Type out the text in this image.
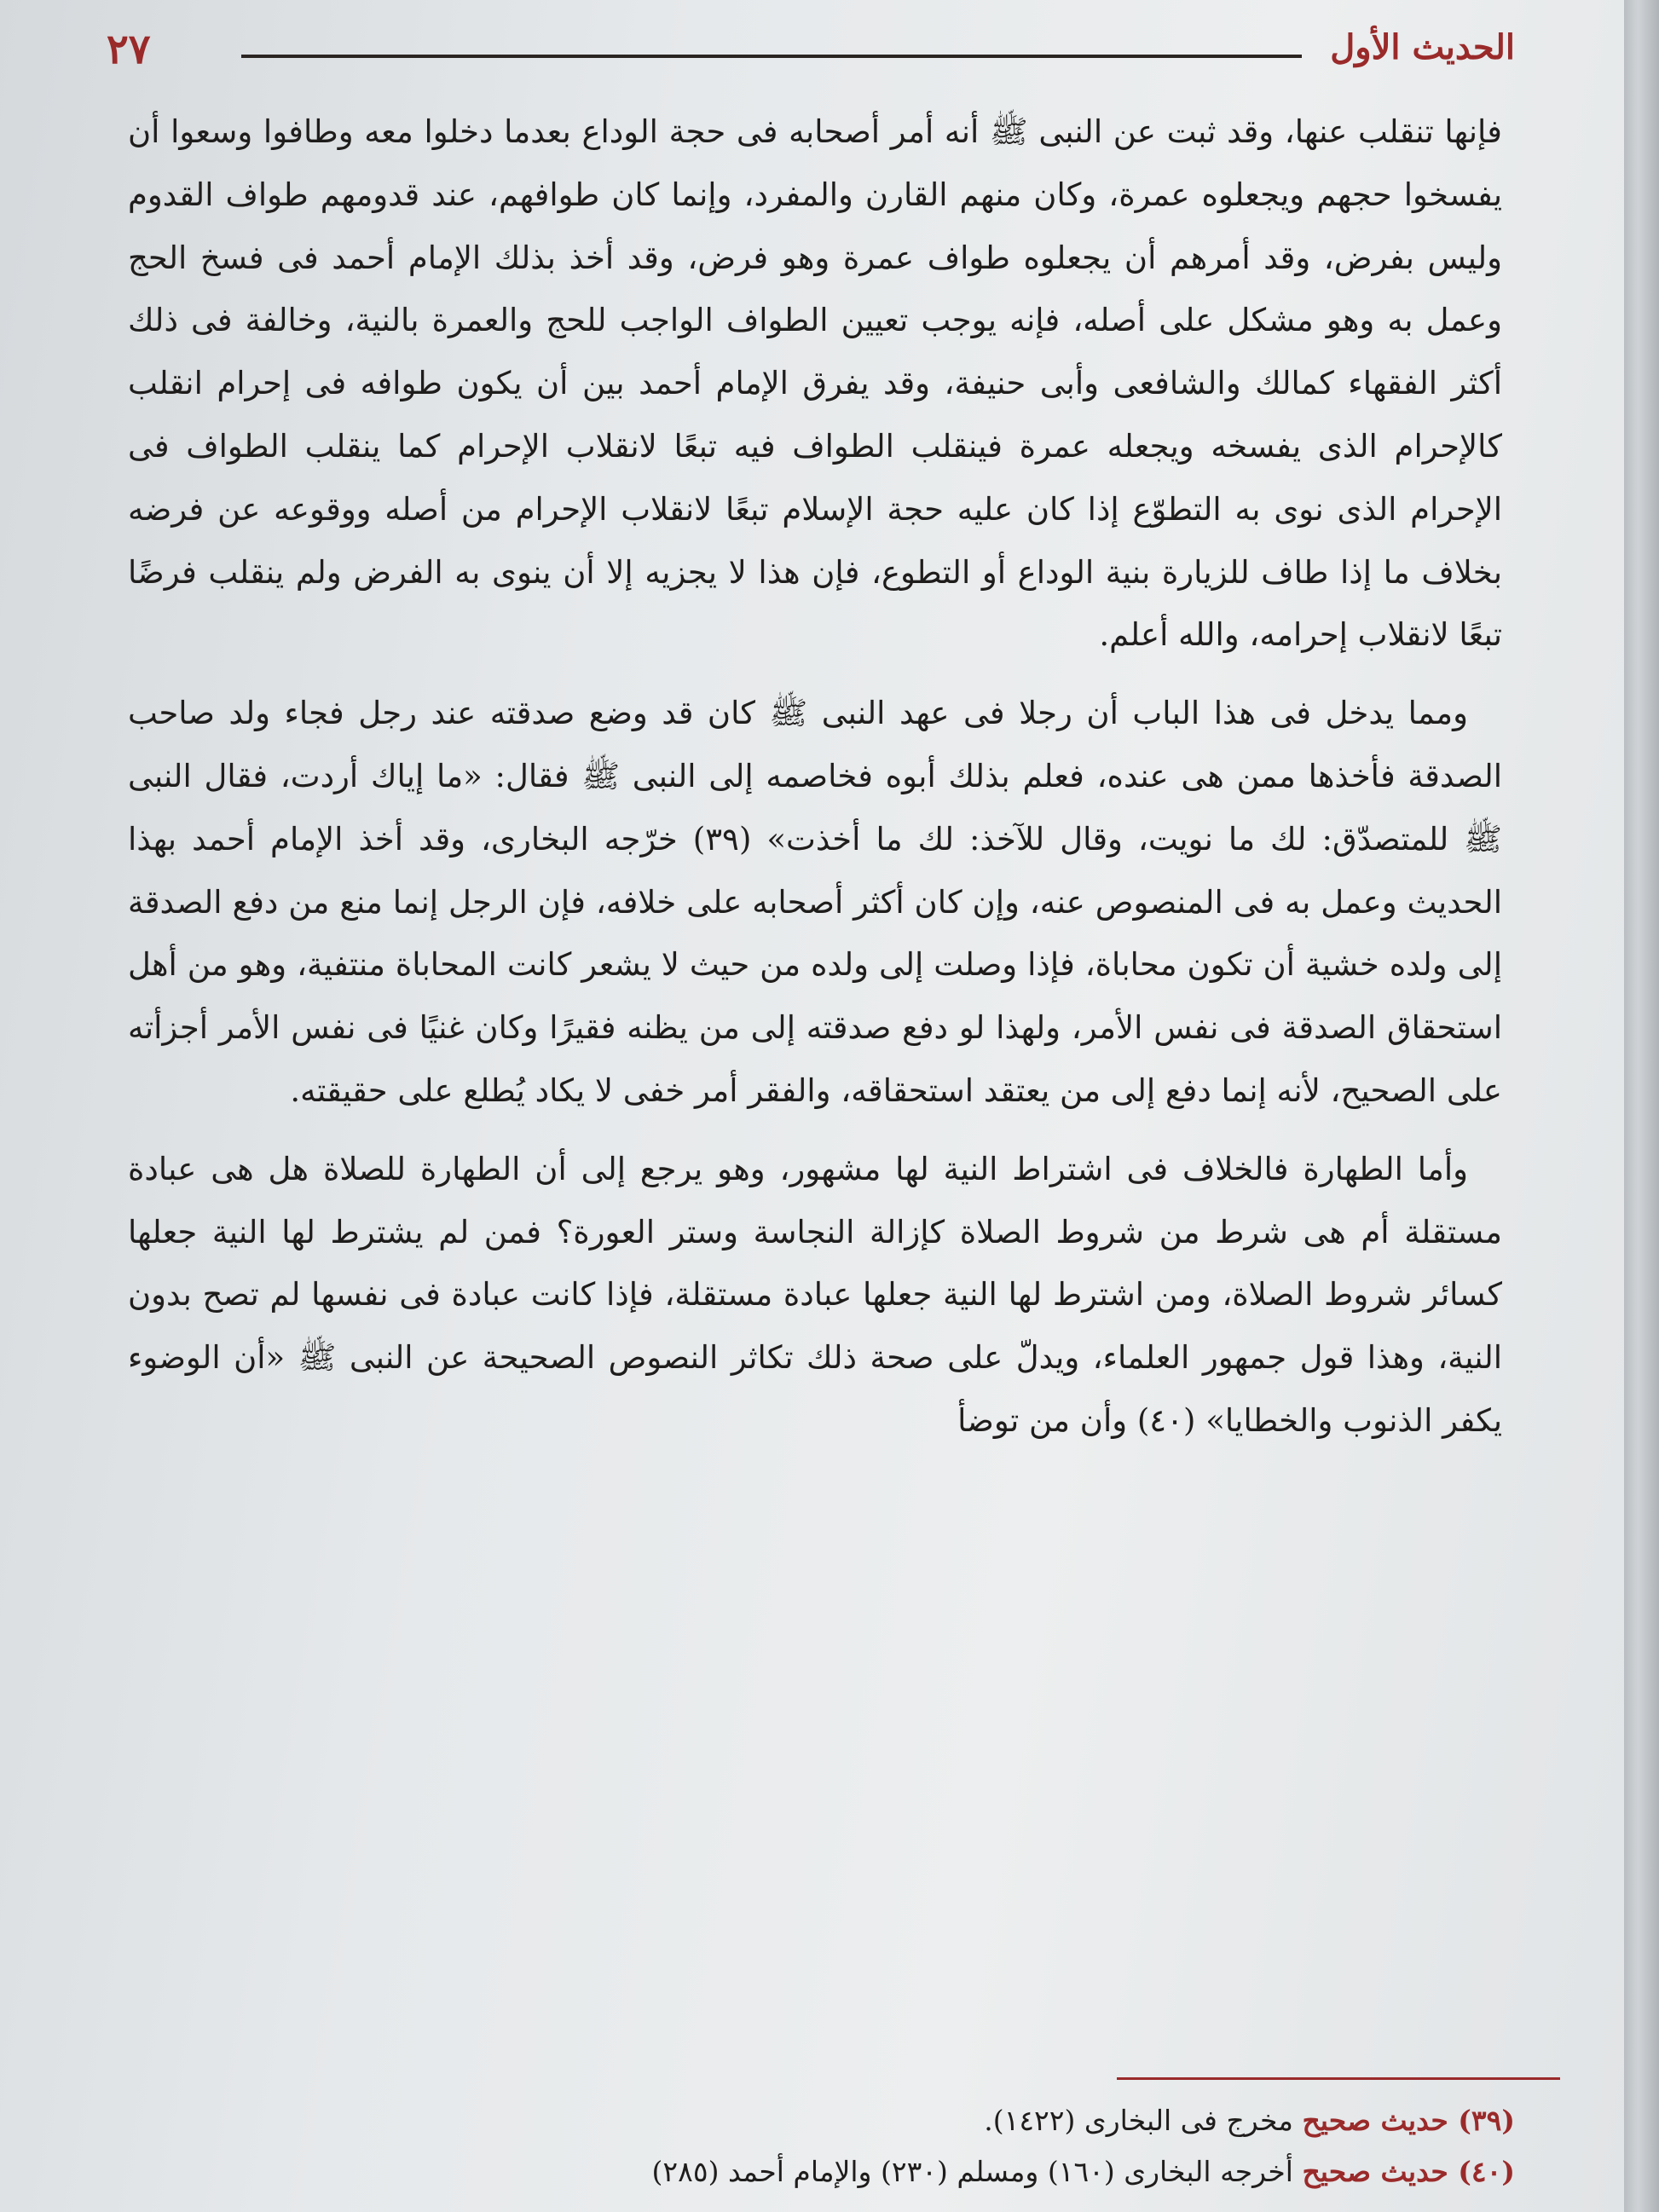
الحديث الأول
٢٧

فإنها تنقلب عنها، وقد ثبت عن النبى ﷺ أنه أمر أصحابه فى حجة الوداع بعدما دخلوا معه وطافوا وسعوا أن يفسخوا حجهم ويجعلوه عمرة، وكان منهم القارن والمفرد، وإنما كان طوافهم، عند قدومهم طواف القدوم وليس بفرض، وقد أمرهم أن يجعلوه طواف عمرة وهو فرض، وقد أخذ بذلك الإمام أحمد فى فسخ الحج وعمل به وهو مشكل على أصله، فإنه يوجب تعيين الطواف الواجب للحج والعمرة بالنية، وخالفة فى ذلك أكثر الفقهاء كمالك والشافعى وأبى حنيفة، وقد يفرق الإمام أحمد بين أن يكون طوافه فى إحرام انقلب كالإحرام الذى يفسخه ويجعله عمرة فينقلب الطواف فيه تبعًا لانقلاب الإحرام كما ينقلب الطواف فى الإحرام الذى نوى به التطوّع إذا كان عليه حجة الإسلام تبعًا لانقلاب الإحرام من أصله ووقوعه عن فرضه بخلاف ما إذا طاف للزيارة بنية الوداع أو التطوع، فإن هذا لا يجزيه إلا أن ينوى به الفرض ولم ينقلب فرضًا تبعًا لانقلاب إحرامه، والله أعلم.

ومما يدخل فى هذا الباب أن رجلا فى عهد النبى ﷺ كان قد وضع صدقته عند رجل فجاء ولد صاحب الصدقة فأخذها ممن هى عنده، فعلم بذلك أبوه فخاصمه إلى النبى ﷺ فقال: «ما إياك أردت، فقال النبى ﷺ للمتصدّق: لك ما نويت، وقال للآخذ: لك ما أخذت» (٣٩) خرّجه البخارى، وقد أخذ الإمام أحمد بهذا الحديث وعمل به فى المنصوص عنه، وإن كان أكثر أصحابه على خلافه، فإن الرجل إنما منع من دفع الصدقة إلى ولده خشية أن تكون محاباة، فإذا وصلت إلى ولده من حيث لا يشعر كانت المحاباة منتفية، وهو من أهل استحقاق الصدقة فى نفس الأمر، ولهذا لو دفع صدقته إلى من يظنه فقيرًا وكان غنيًا فى نفس الأمر أجزأته على الصحيح، لأنه إنما دفع إلى من يعتقد استحقاقه، والفقر أمر خفى لا يكاد يُطلع على حقيقته.

وأما الطهارة فالخلاف فى اشتراط النية لها مشهور، وهو يرجع إلى أن الطهارة للصلاة هل هى عبادة مستقلة أم هى شرط من شروط الصلاة كإزالة النجاسة وستر العورة؟ فمن لم يشترط لها النية جعلها كسائر شروط الصلاة، ومن اشترط لها النية جعلها عبادة مستقلة، فإذا كانت عبادة فى نفسها لم تصح بدون النية، وهذا قول جمهور العلماء، ويدلّ على صحة ذلك تكاثر النصوص الصحيحة عن النبى ﷺ «أن الوضوء يكفر الذنوب والخطايا» (٤٠) وأن من توضأ

(٣٩) حديث صحيح مخرج فى البخارى (١٤٢٢).
(٤٠) حديث صحيح أخرجه البخارى (١٦٠) ومسلم (٢٣٠) والإمام أحمد (٢٨٥)
